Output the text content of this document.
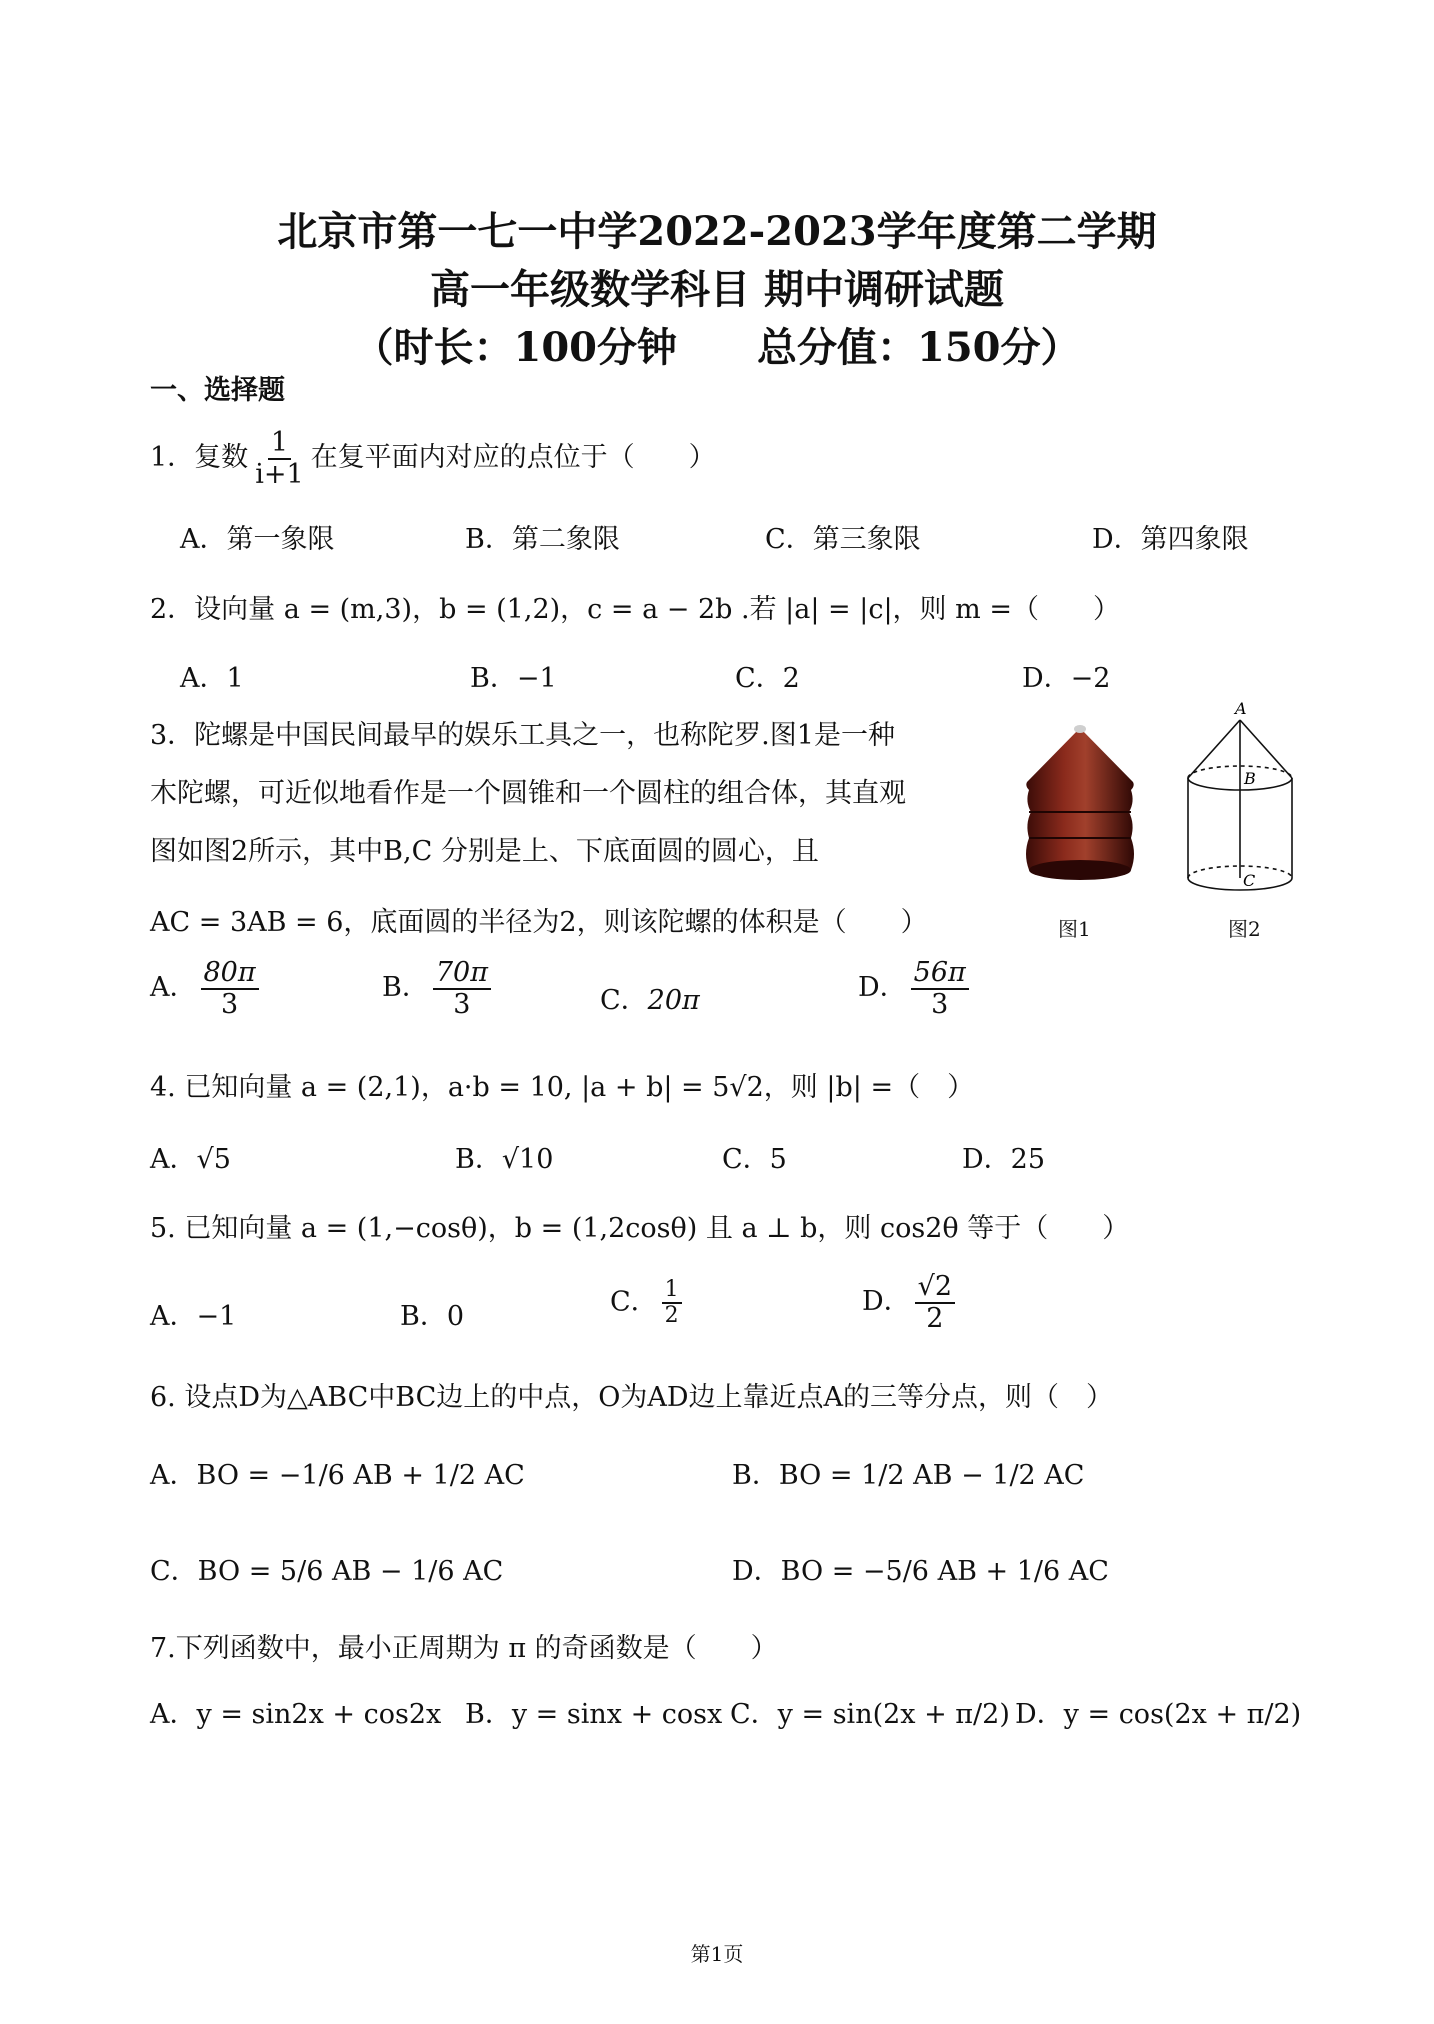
北京市第一七一中学2022-2023学年度第二学期
高一年级数学科目 期中调研试题
（时长：100分钟　　总分值：150分）
一、选择题
1．复数 $\frac{1}{i+1}$ 在复平面内对应的点位于（　　）
A．第一象限	B．第二象限	C．第三象限	D．第四象限
2．设向量 a = (m,3)，b = (1,2)，c = a − 2b .若 |a| = |c|，则 m =（　　）
A．1	B．−1	C．2	D．−2
3．陀螺是中国民间最早的娱乐工具之一，也称陀罗.图1是一种
木陀螺，可近似地看作是一个圆锥和一个圆柱的组合体，其直观
图如图2所示，其中B,C 分别是上、下底面圆的圆心，且
AC = 3AB = 6，底面圆的半径为2，则该陀螺的体积是（　　）	图1
A
B
C
图2
A． $\frac{80\pi}{3}$	B． $\frac{70\pi}{3}$	C．20π	D． $\frac{56\pi}{3}$
4. 已知向量 a = (2,1)，a·b = 10, |a + b| = 5√2，则 |b| =（　）
A．√5	B．√10	C．5	D．25
5. 已知向量 a = (1,−cosθ)，b = (1,2cosθ) 且 a ⊥ b，则 cos2θ 等于（　　）
A．−1	B．0	C． $\frac{1}{2}$	D． $\frac{√2}{2}$
6. 设点D为△ABC中BC边上的中点，O为AD边上靠近点A的三等分点，则（　）
A．BO = −1/6 AB + 1/2 AC	B．BO = 1/2 AB − 1/2 AC
C．BO = 5/6 AB − 1/6 AC	D．BO = −5/6 AB + 1/6 AC
7.下列函数中，最小正周期为 π 的奇函数是（　　）
A．y = sin2x + cos2x B．y = sinx + cosx C．y = sin(2x + π/2) D．y = cos(2x + π/2)
第1页
